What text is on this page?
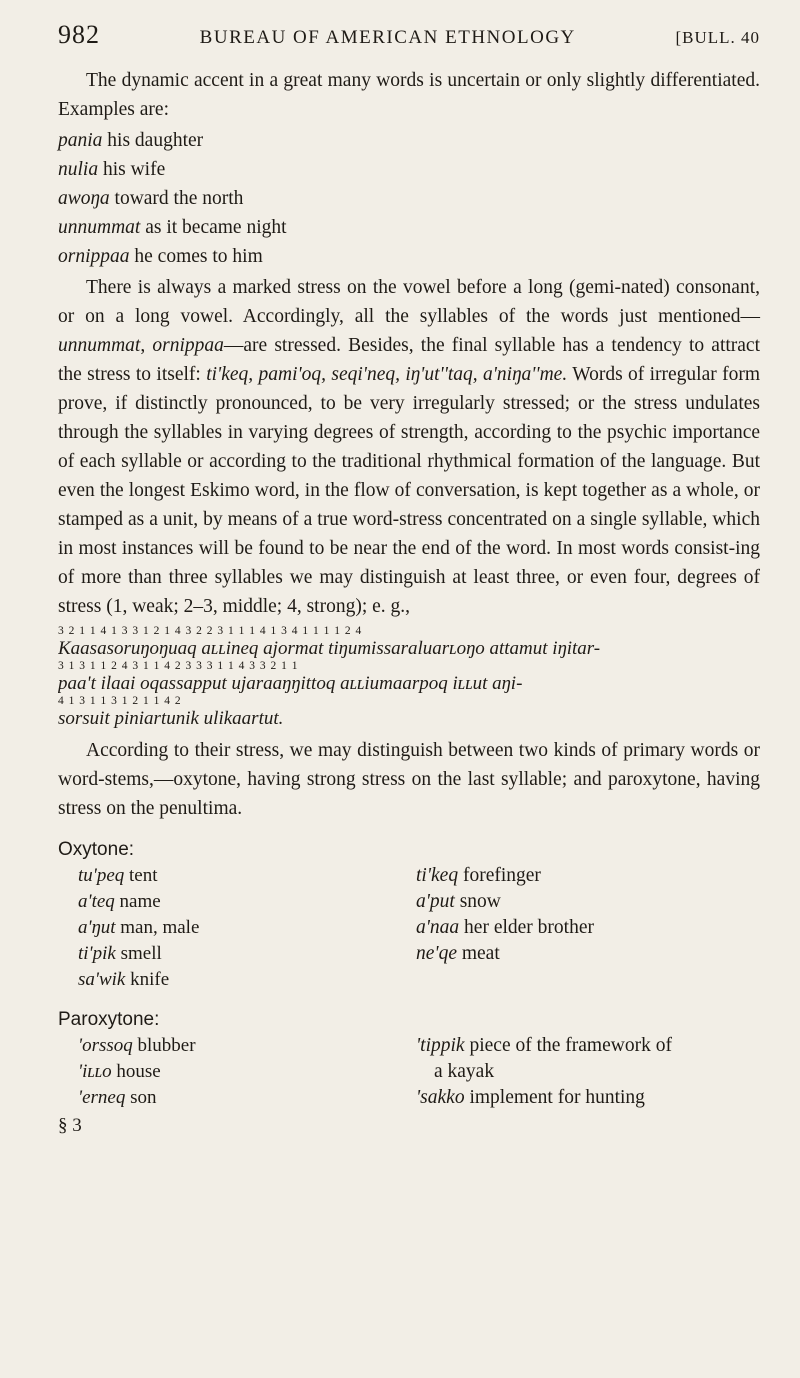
982	BUREAU OF AMERICAN ETHNOLOGY	[BULL. 40

The dynamic accent in a great many words is uncertain or only slightly differentiated. Examples are:

pania his daughter
nulia his wife
awoŋa toward the north
unnummat as it became night
ornippaa he comes to him

There is always a marked stress on the vowel before a long (gemi-nated) consonant, or on a long vowel. Accordingly, all the syllables of the words just mentioned—unnummat, ornippaa—are stressed. Besides, the final syllable has a tendency to attract the stress to itself: ti'keq, pami'oq, seqi'neq, iŋ'ut''taq, a'niŋa''me. Words of irregular form prove, if distinctly pronounced, to be very irregularly stressed; or the stress undulates through the syllables in varying degrees of strength, according to the psychic importance of each syllable or according to the traditional rhythmical formation of the language. But even the longest Eskimo word, in the flow of conversation, is kept together as a whole, or stamped as a unit, by means of a true word-stress concentrated on a single syllable, which in most instances will be found to be near the end of the word. In most words consist-ing of more than three syllables we may distinguish at least three, or even four, degrees of stress (1, weak; 2–3, middle; 4, strong); e. g.,

3 2 1 1 4 1 3 3 1 2 1 4 3 2 2 3 1 1 1 4 1 3 4 1 1 1 1 2 4
Kaasasoruŋoŋuaq aʟʟineq ajormat tiŋumissaraluarʟoŋo attamut iŋitar-
3 1 3 1 1 2 4 3 1 1 4 2 3 3 3 1 1 4 3 3 2 1 1
paa't ilaai oqassapput ujaraaŋŋittoq aʟʟiumaarpoq iʟʟut aŋi-
4 1 3 1 1 3 1 2 1 1 4 2
sorsuit piniartunik ulikaartut.

According to their stress, we may distinguish between two kinds of primary words or word-stems,—oxytone, having strong stress on the last syllable; and paroxytone, having stress on the penultima.

Oxytone:
tu'peq tent
a'teq name
a'ŋut man, male
ti'pik smell
sa'wik knife
ti'keq forefinger
a'put snow
a'naa her elder brother
ne'qe meat
Paroxytone:
'orssoq blubber
'iʟʟo house
'erneq son
'tippik piece of the framework of
a kayak
'sakko implement for hunting
§ 3
